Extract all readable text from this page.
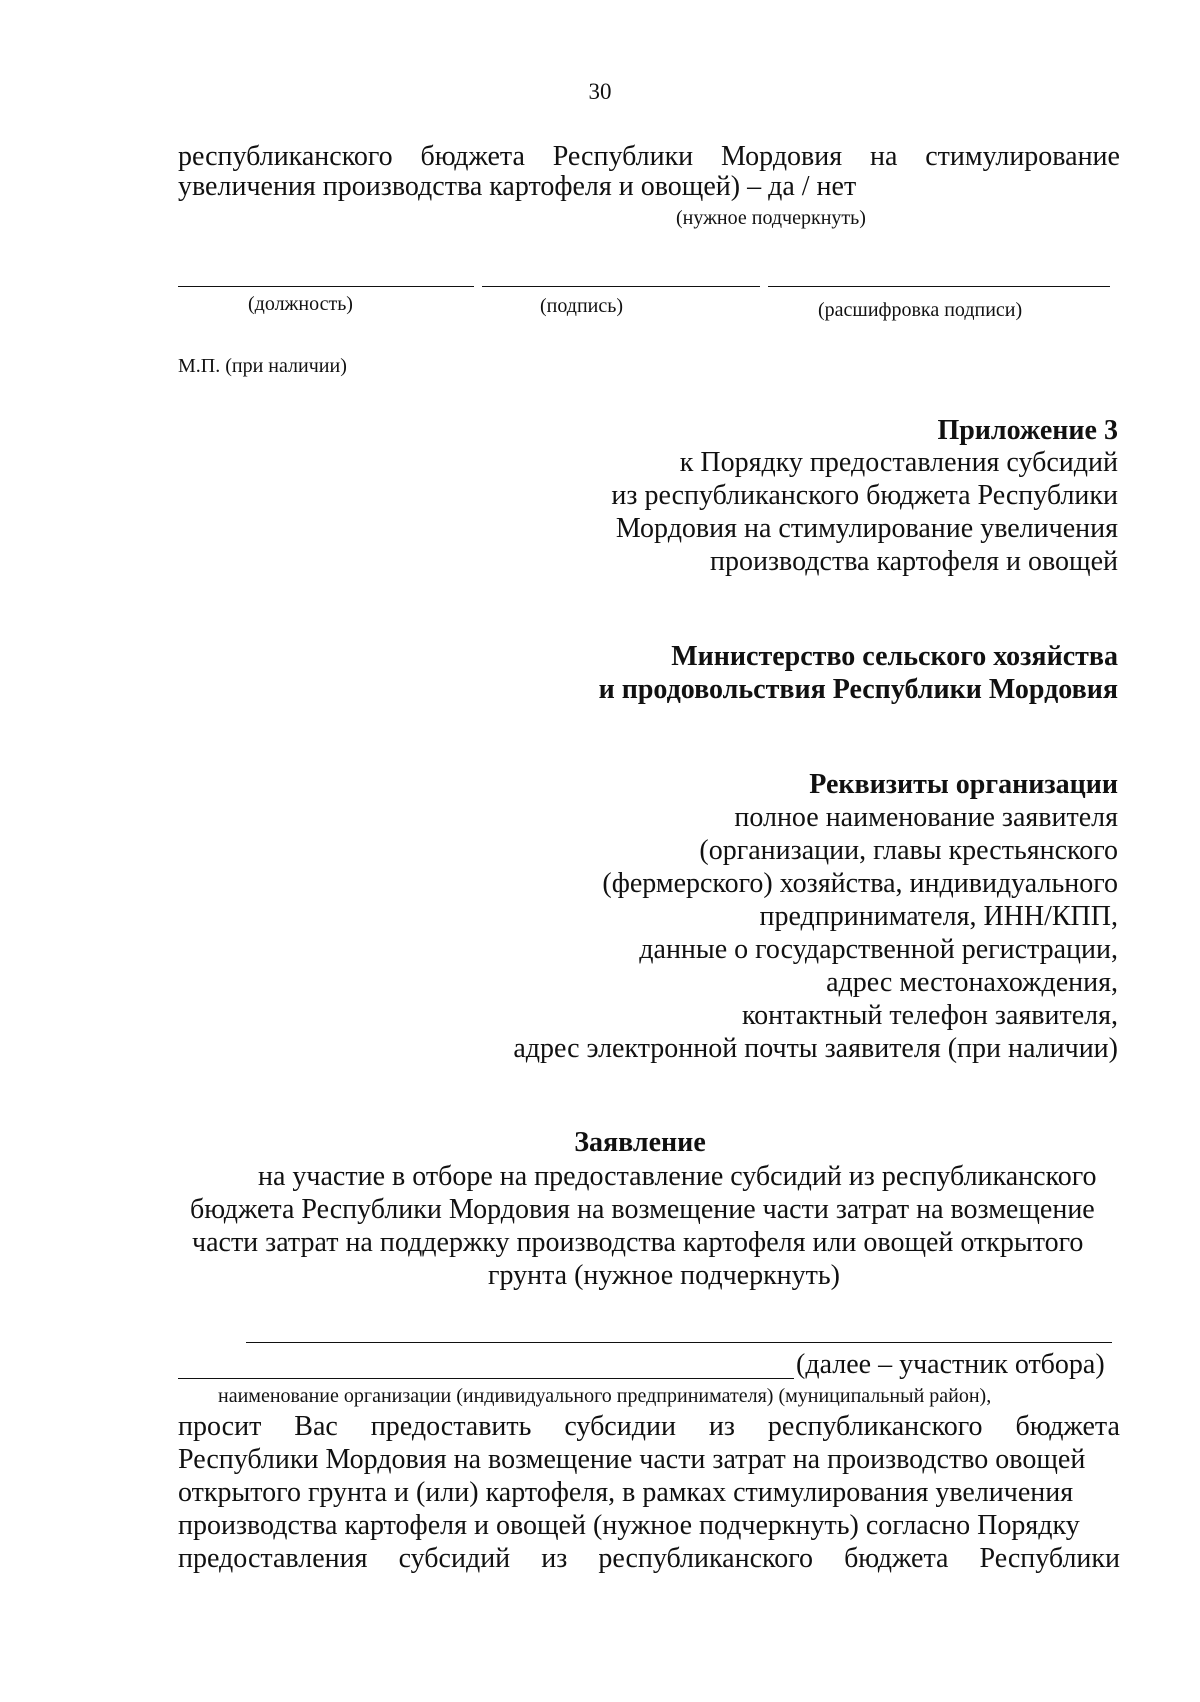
30
республиканского бюджета Республики Мордовия на стимулирование
увеличения производства картофеля и овощей) – да / нет
(нужное подчеркнуть)
(должность)	(подпись)	(расшифровка подписи)
М.П. (при наличии)
Приложение 3
к Порядку предоставления субсидий
из республиканского бюджета Республики
Мордовия на стимулирование увеличения
производства картофеля и овощей
Министерство сельского хозяйства
и продовольствия Республики Мордовия
Реквизиты организации
полное наименование заявителя
(организации, главы крестьянского
(фермерского) хозяйства, индивидуального
предпринимателя, ИНН/КПП,
данные о государственной регистрации,
адрес местонахождения,
контактный телефон заявителя,
адрес электронной почты заявителя (при наличии)
Заявление
на участие в отборе на предоставление субсидий из республиканского
бюджета Республики Мордовия на возмещение части затрат на возмещение
части затрат на поддержку производства картофеля или овощей открытого
грунта (нужное подчеркнуть)
(далее – участник отбора)
наименование организации (индивидуального предпринимателя) (муниципальный район),
просит Вас предоставить субсидии из республиканского бюджета
Республики Мордовия на возмещение части затрат на производство овощей
открытого грунта и (или) картофеля, в рамках стимулирования увеличения
производства картофеля и овощей (нужное подчеркнуть) согласно Порядку
предоставления субсидий из республиканского бюджета Республики
